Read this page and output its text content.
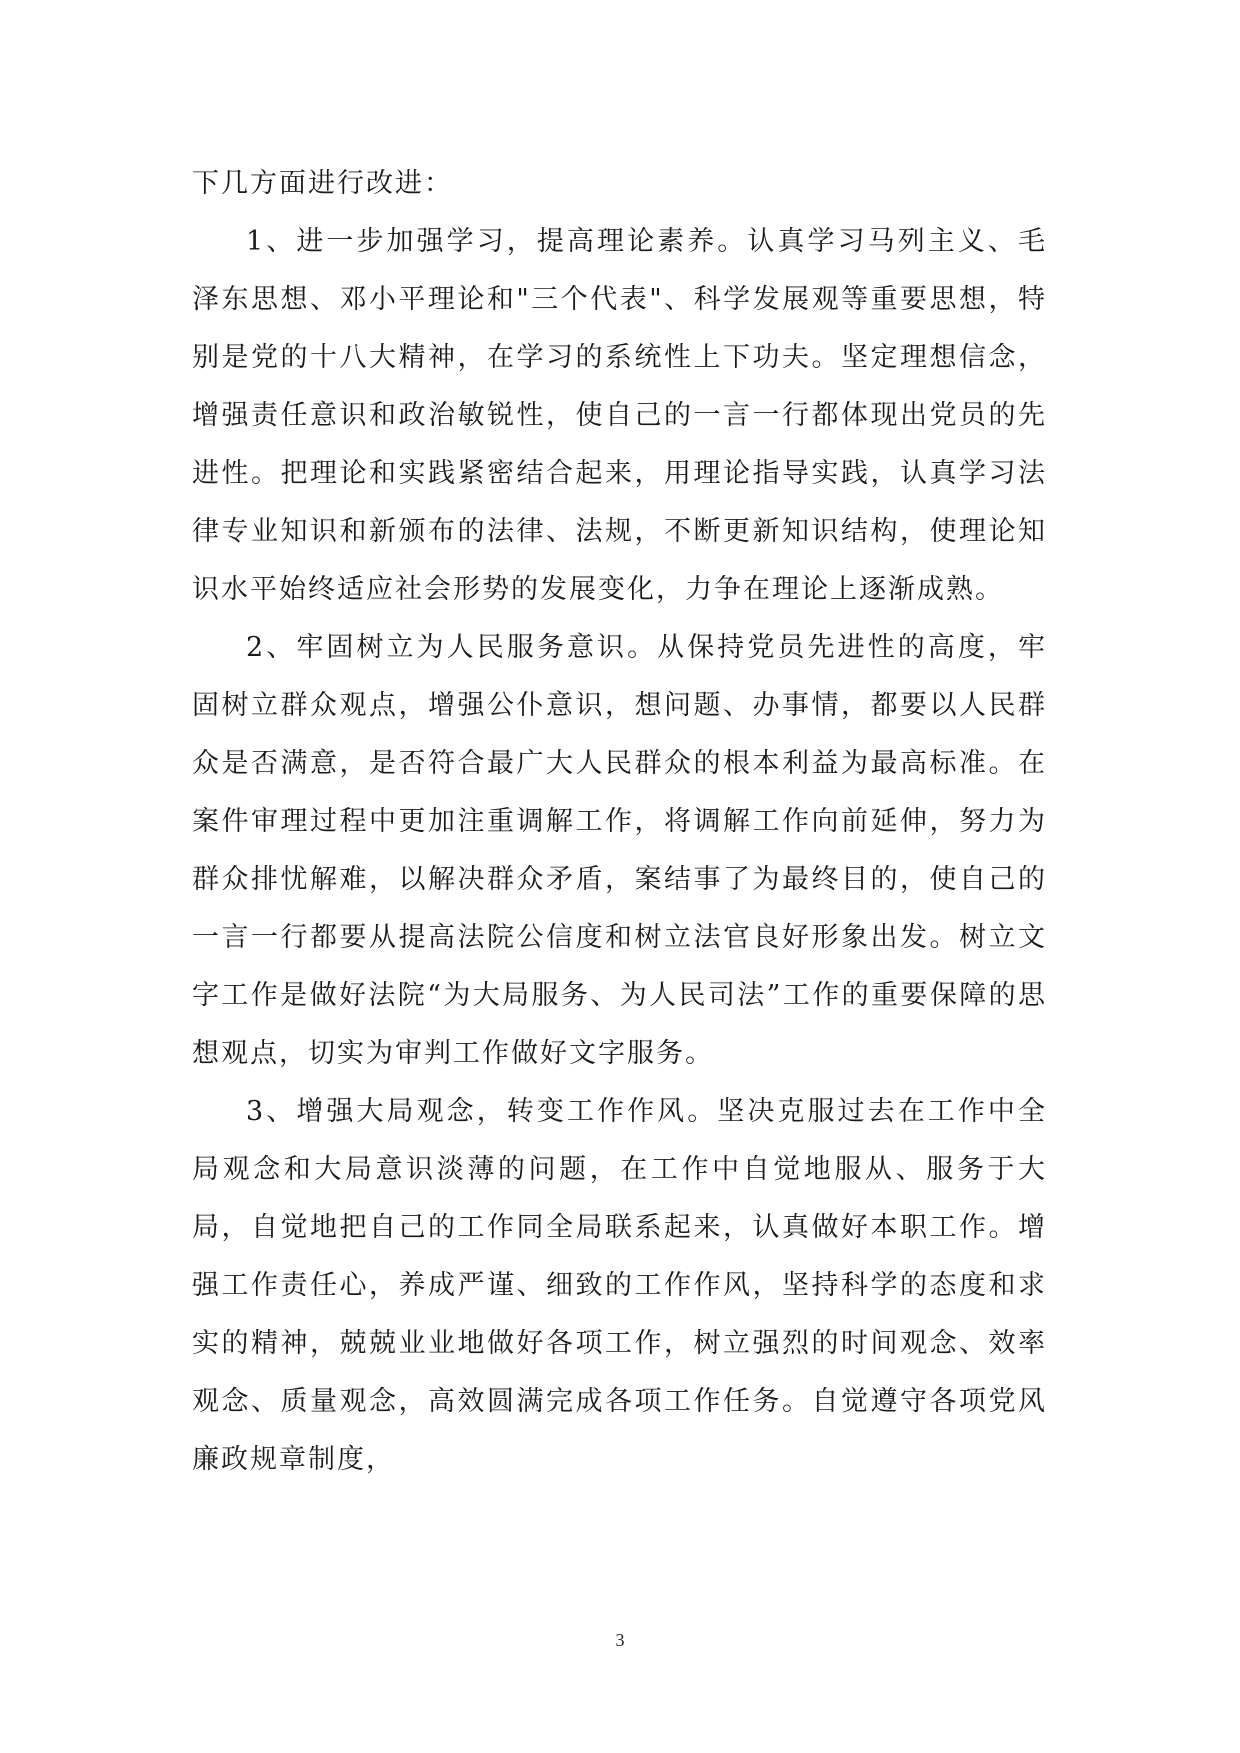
下几方面进行改进：

1、进一步加强学习，提高理论素养。认真学习马列主义、毛泽东思想、邓小平理论和"三个代表"、科学发展观等重要思想，特别是党的十八大精神，在学习的系统性上下功夫。坚定理想信念，增强责任意识和政治敏锐性，使自己的一言一行都体现出党员的先进性。把理论和实践紧密结合起来，用理论指导实践，认真学习法律专业知识和新颁布的法律、法规，不断更新知识结构，使理论知识水平始终适应社会形势的发展变化，力争在理论上逐渐成熟。

2、牢固树立为人民服务意识。从保持党员先进性的高度，牢固树立群众观点，增强公仆意识，想问题、办事情，都要以人民群众是否满意，是否符合最广大人民群众的根本利益为最高标准。在案件审理过程中更加注重调解工作，将调解工作向前延伸，努力为群众排忧解难，以解决群众矛盾，案结事了为最终目的，使自己的一言一行都要从提高法院公信度和树立法官良好形象出发。树立文字工作是做好法院“为大局服务、为人民司法”工作的重要保障的思想观点，切实为审判工作做好文字服务。

3、增强大局观念，转变工作作风。坚决克服过去在工作中全局观念和大局意识淡薄的问题，在工作中自觉地服从、服务于大局，自觉地把自己的工作同全局联系起来，认真做好本职工作。增强工作责任心，养成严谨、细致的工作作风，坚持科学的态度和求实的精神，兢兢业业地做好各项工作，树立强烈的时间观念、效率观念、质量观念，高效圆满完成各项工作任务。自觉遵守各项党风廉政规章制度，

3
